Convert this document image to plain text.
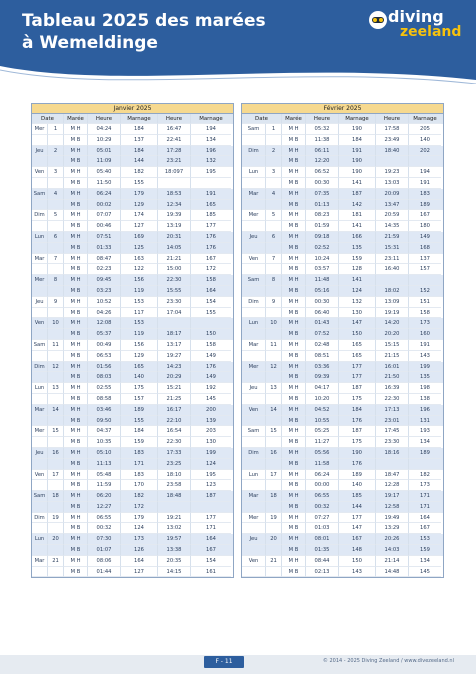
Tableau 2025 des marées
à Wemeldinge
diving
zeeland
Janvier 2025
Date	Marée	Heure	Marnage	Heure	Marnage
Mer	1	M H	04:24	184	16:47	194
M B	10:29	137	22:41	134
Jeu	2	M H	05:01	184	17:28	196
M B	11:09	144	23:21	132
Ven	3	M H	05:40	182	18:097	195
M B	11:50	155
Sam	4	M H	06:24	179	18:53	191
M B	00:02	129	12:34	165
Dim	5	M H	07:07	174	19:39	185
M B	00:46	127	13:19	177
Lun	6	M H	07:51	169	20:31	176
M B	01:33	125	14:05	176
Mar	7	M H	08:47	163	21:21	167
M B	02:23	122	15:00	172
Mer	8	M H	09:45	156	22:30	158
M B	03:23	119	15:55	164
Jeu	9	M H	10:52	153	23:30	154
M B	04:26	117	17:04	155
Ven	10	M H	12:08	153
M B	05:37	119	18:17	150
Sam	11	M H	00:49	156	13:17	158
M B	06:53	129	19:27	149
Dim	12	M H	01:56	165	14:23	176
M B	08:03	140	20:29	149
Lun	13	M H	02:55	175	15:21	192
M B	08:58	157	21:25	145
Mar	14	M H	03:46	189	16:17	200
M B	09:50	155	22:10	139
Mer	15	M H	04:37	184	16:54	203
M B	10:35	159	22:30	130
Jeu	16	M H	05:10	183	17:33	199
M B	11:13	171	23:25	124
Ven	17	M H	05:48	183	18:10	195
M B	11:59	170	23:58	123
Sam	18	M H	06:20	182	18:48	187
M B	12:27	172
Dim	19	M H	06:55	179	19:21	177
M B	00:32	124	13:02	171
Lun	20	M H	07:30	173	19:57	164
M B	01:07	126	13:38	167
Mar	21	M H	08:06	164	20:35	154
M B	01:44	127	14:15	161
Février 2025
Date	Marée	Heure	Marnage	Heure	Marnage
Sam	1	M H	05:32	190	17:58	205
M B	11:38	184	23:49	140
Dim	2	M H	06:11	191	18:40	202
M B	12:20	190
Lun	3	M H	06:52	190	19:23	194
M B	00:30	141	13:03	191
Mar	4	M H	07:35	187	20:09	183
M B	01:13	142	13:47	189
Mer	5	M H	08:23	181	20:59	167
M B	01:59	141	14:35	180
Jeu	6	M H	09:18	166	21:59	149
M B	02:52	135	15:31	168
Ven	7	M H	10:24	159	23:11	137
M B	03:57	128	16:40	157
Sam	8	M H	11:48	141
M B	05:16	124	18:02	152
Dim	9	M H	00:30	132	13:09	151
M B	06:40	130	19:19	158
Lun	10	M H	01:43	147	14:20	173
M B	07:52	150	20:20	160
Mar	11	M H	02:48	165	15:15	191
M B	08:51	165	21:15	143
Mer	12	M H	03:36	177	16:01	199
M B	09:39	177	21:50	135
Jeu	13	M H	04:17	187	16:39	198
M B	10:20	175	22:30	138
Ven	14	M H	04:52	184	17:13	196
M B	10:55	176	23:01	131
Sam	15	M H	05:25	187	17:45	193
M B	11:27	175	23:30	134
Dim	16	M H	05:56	190	18:16	189
M B	11:58	176
Lun	17	M H	06:24	189	18:47	182
M B	00:00	140	12:28	173
Mar	18	M H	06:55	185	19:17	171
M B	00:32	144	12:58	171
Mer	19	M H	07:27	177	19:49	164
M B	01:03	147	13:29	167
Jeu	20	M H	08:01	167	20:26	153
M B	01:35	148	14:03	159
Ven	21	M H	08:44	150	21:14	134
M B	02:13	143	14:48	145
F - 11	© 2014 - 2025 Diving Zeeland / www.divezeeland.nl
